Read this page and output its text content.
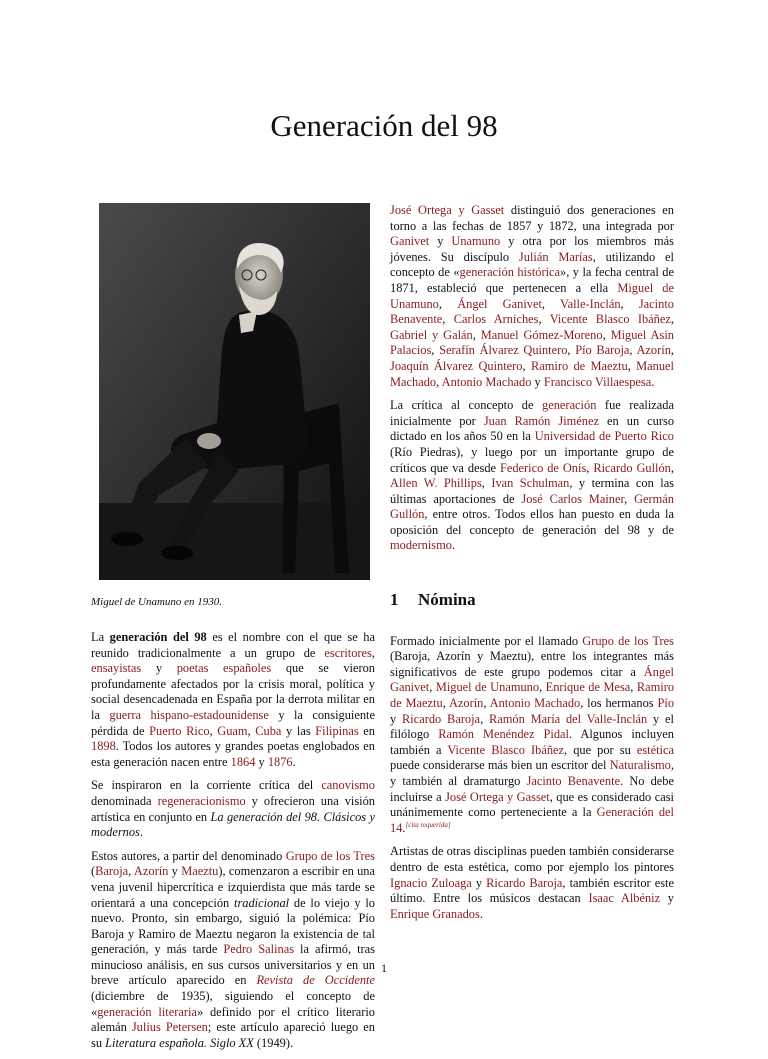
Generación del 98
Miguel de Unamuno en 1930.

La generación del 98 es el nombre con el que se ha reunido tradicionalmente a un grupo de escritores, ensayistas y poetas españoles que se vieron profundamente afectados por la crisis moral, política y social desencadenada en España por la derrota militar en la guerra hispano-estadounidense y la consiguiente pérdida de Puerto Rico, Guam, Cuba y las Filipinas en 1898. Todos los autores y grandes poetas englobados en esta generación nacen entre 1864 y 1876.

Se inspiraron en la corriente crítica del canovismo denominada regeneracionismo y ofrecieron una visión artística en conjunto en La generación del 98. Clásicos y modernos.

Estos autores, a partir del denominado Grupo de los Tres (Baroja, Azorín y Maeztu), comenzaron a escribir en una vena juvenil hipercrítica e izquierdista que más tarde se orientará a una concepción tradicional de lo viejo y lo nuevo. Pronto, sin embargo, siguió la polémica: Pío Baroja y Ramiro de Maeztu negaron la existencia de tal generación, y más tarde Pedro Salinas la afirmó, tras minucioso análisis, en sus cursos universitarios y en un breve artículo aparecido en Revista de Occidente (diciembre de 1935), siguiendo el concepto de «generación literaria» definido por el crítico literario alemán Julius Petersen; este artículo apareció luego en su Literatura española. Siglo XX (1949).

José Ortega y Gasset distinguió dos generaciones en torno a las fechas de 1857 y 1872, una integrada por Ganivet y Unamuno y otra por los miembros más jóvenes. Su discípulo Julián Marías, utilizando el concepto de «generación histórica», y la fecha central de 1871, estableció que pertenecen a ella Miguel de Unamuno, Ángel Ganivet, Valle-Inclán, Jacinto Benavente, Carlos Arniches, Vicente Blasco Ibáñez, Gabriel y Galán, Manuel Gómez-Moreno, Miguel Asín Palacios, Serafín Álvarez Quintero, Pío Baroja, Azorín, Joaquín Álvarez Quintero, Ramiro de Maeztu, Manuel Machado, Antonio Machado y Francisco Villaespesa.

La crítica al concepto de generación fue realizada inicialmente por Juan Ramón Jiménez en un curso dictado en los años 50 en la Universidad de Puerto Rico (Río Piedras), y luego por un importante grupo de críticos que va desde Federico de Onís, Ricardo Gullón, Allen W. Phillips, Ivan Schulman, y termina con las últimas aportaciones de José Carlos Mainer, Germán Gullón, entre otros. Todos ellos han puesto en duda la oposición del concepto de generación del 98 y de modernismo.

1 Nómina

Formado inicialmente por el llamado Grupo de los Tres (Baroja, Azorín y Maeztu), entre los integrantes más significativos de este grupo podemos citar a Ángel Ganivet, Miguel de Unamuno, Enrique de Mesa, Ramiro de Maeztu, Azorín, Antonio Machado, los hermanos Pío y Ricardo Baroja, Ramón María del Valle-Inclán y el filólogo Ramón Menéndez Pidal. Algunos incluyen también a Vicente Blasco Ibáñez, que por su estética puede considerarse más bien un escritor del Naturalismo, y también al dramaturgo Jacinto Benavente. No debe incluirse a José Ortega y Gasset, que es considerado casi unánimemente como perteneciente a la Generación del 14.[cita requerida]

Artistas de otras disciplinas pueden también considerarse dentro de esta estética, como por ejemplo los pintores Ignacio Zuloaga y Ricardo Baroja, también escritor este último. Entre los músicos destacan Isaac Albéniz y Enrique Granados.

1
